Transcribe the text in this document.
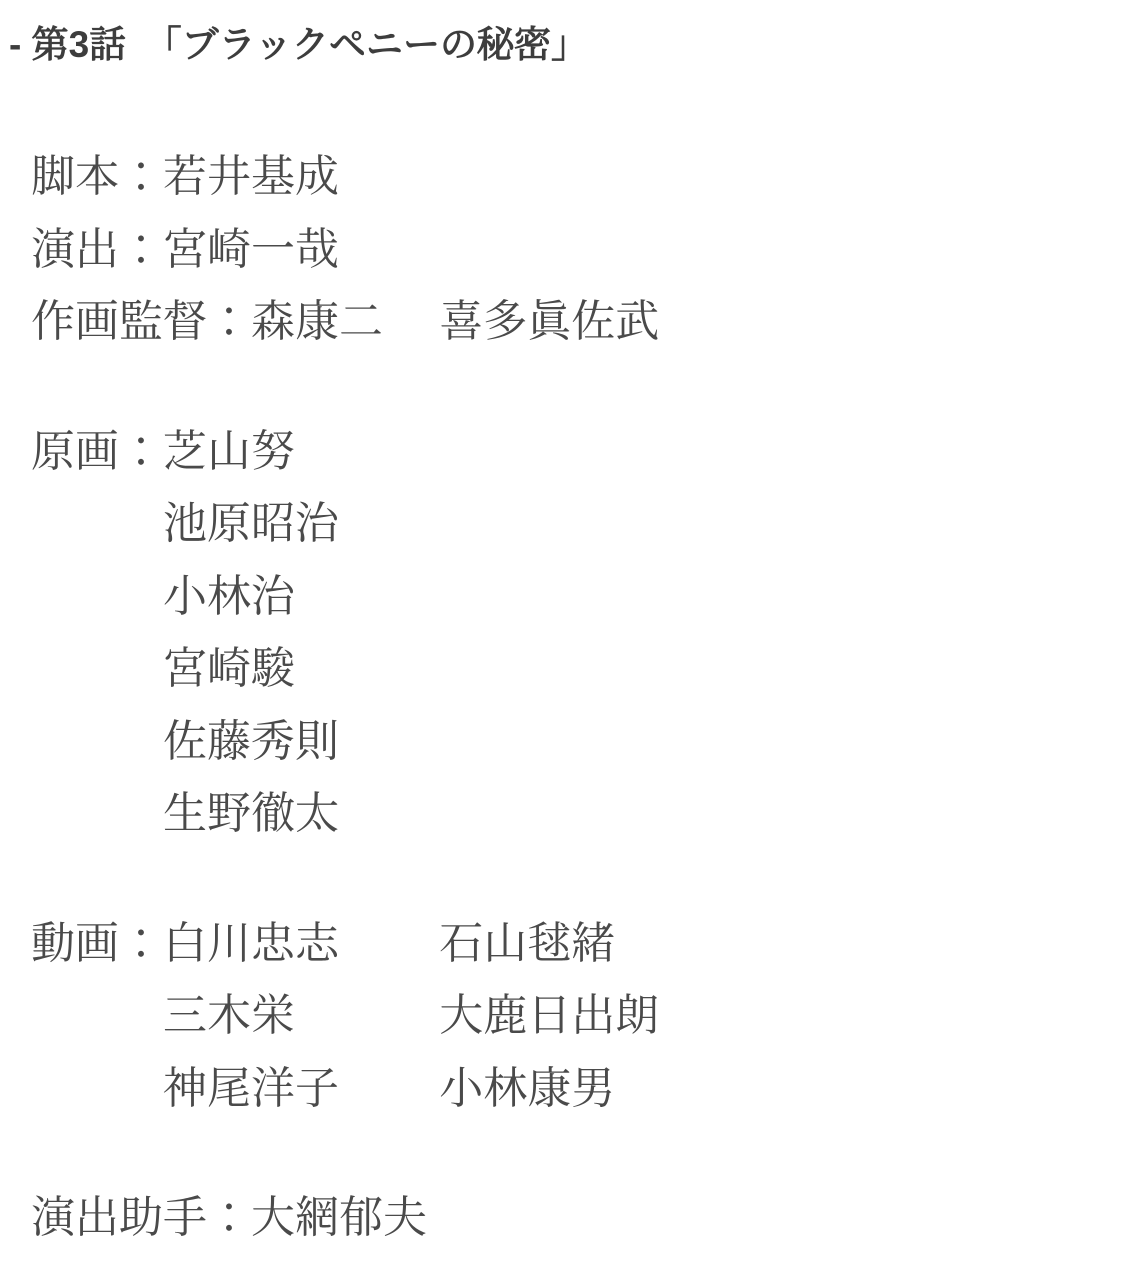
- 第3話　「ブラックペニーの秘密」
脚本：若井基成
演出：宮崎一哉
作画監督：森康二　 喜多眞佐武
原画：芝山努
　　　池原昭治
　　　小林治
　　　宮崎駿
　　　佐藤秀則
　　　生野徹太
動画：白川忠志　　 石山毬緒
　　　三木栄　　　 大鹿日出朗
　　　神尾洋子　　 小林康男
演出助手：大網郁夫
